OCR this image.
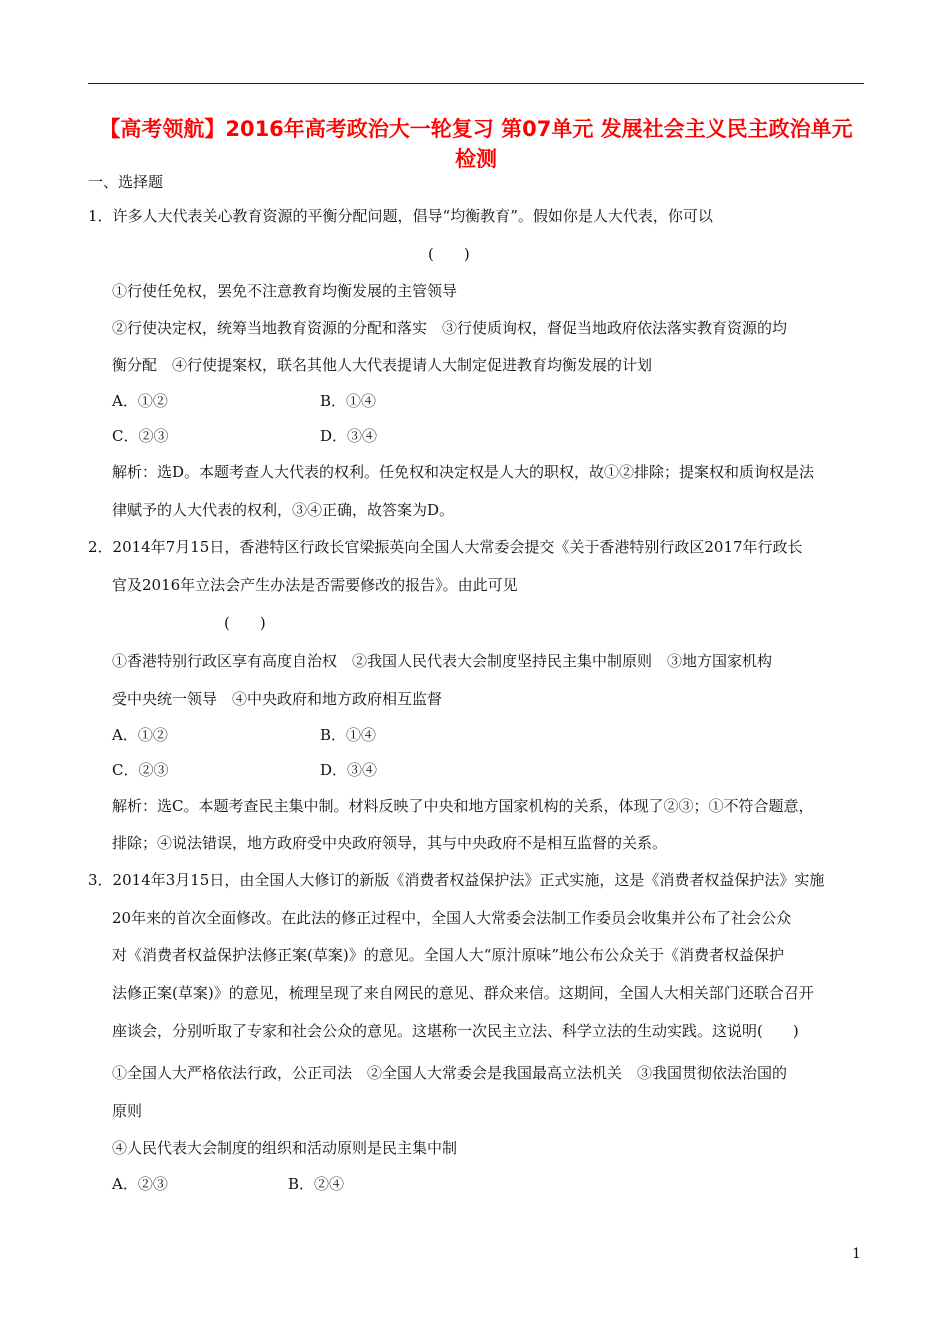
【高考领航】2016年高考政治大一轮复习 第07单元 发展社会主义民主政治单元
检测
一、选择题
1．许多人大代表关心教育资源的平衡分配问题，倡导“均衡教育”。假如你是人大代表，你可以
(　　)
①行使任免权，罢免不注意教育均衡发展的主管领导
②行使决定权，统筹当地教育资源的分配和落实　③行使质询权，督促当地政府依法落实教育资源的均
衡分配　④行使提案权，联名其他人大代表提请人大制定促进教育均衡发展的计划
A．①②	B．①④
C．②③	D．③④
解析：选D。本题考查人大代表的权利。任免权和决定权是人大的职权，故①②排除；提案权和质询权是法
律赋予的人大代表的权利，③④正确，故答案为D。
2．2014年7月15日，香港特区行政长官梁振英向全国人大常委会提交《关于香港特别行政区2017年行政长
官及2016年立法会产生办法是否需要修改的报告》。由此可见
(　　)
①香港特别行政区享有高度自治权　②我国人民代表大会制度坚持民主集中制原则　③地方国家机构
受中央统一领导　④中央政府和地方政府相互监督
A．①②	B．①④
C．②③	D．③④
解析：选C。本题考查民主集中制。材料反映了中央和地方国家机构的关系，体现了②③；①不符合题意，
排除；④说法错误，地方政府受中央政府领导，其与中央政府不是相互监督的关系。
3．2014年3月15日，由全国人大修订的新版《消费者权益保护法》正式实施，这是《消费者权益保护法》实施
20年来的首次全面修改。在此法的修正过程中，全国人大常委会法制工作委员会收集并公布了社会公众
对《消费者权益保护法修正案(草案)》的意见。全国人大“原汁原味”地公布公众关于《消费者权益保护
法修正案(草案)》的意见，梳理呈现了来自网民的意见、群众来信。这期间，全国人大相关部门还联合召开
座谈会，分别听取了专家和社会公众的意见。这堪称一次民主立法、科学立法的生动实践。这说明(　　)
①全国人大严格依法行政，公正司法　②全国人大常委会是我国最高立法机关　③我国贯彻依法治国的
原则
④人民代表大会制度的组织和活动原则是民主集中制
A．②③	B．②④
1
